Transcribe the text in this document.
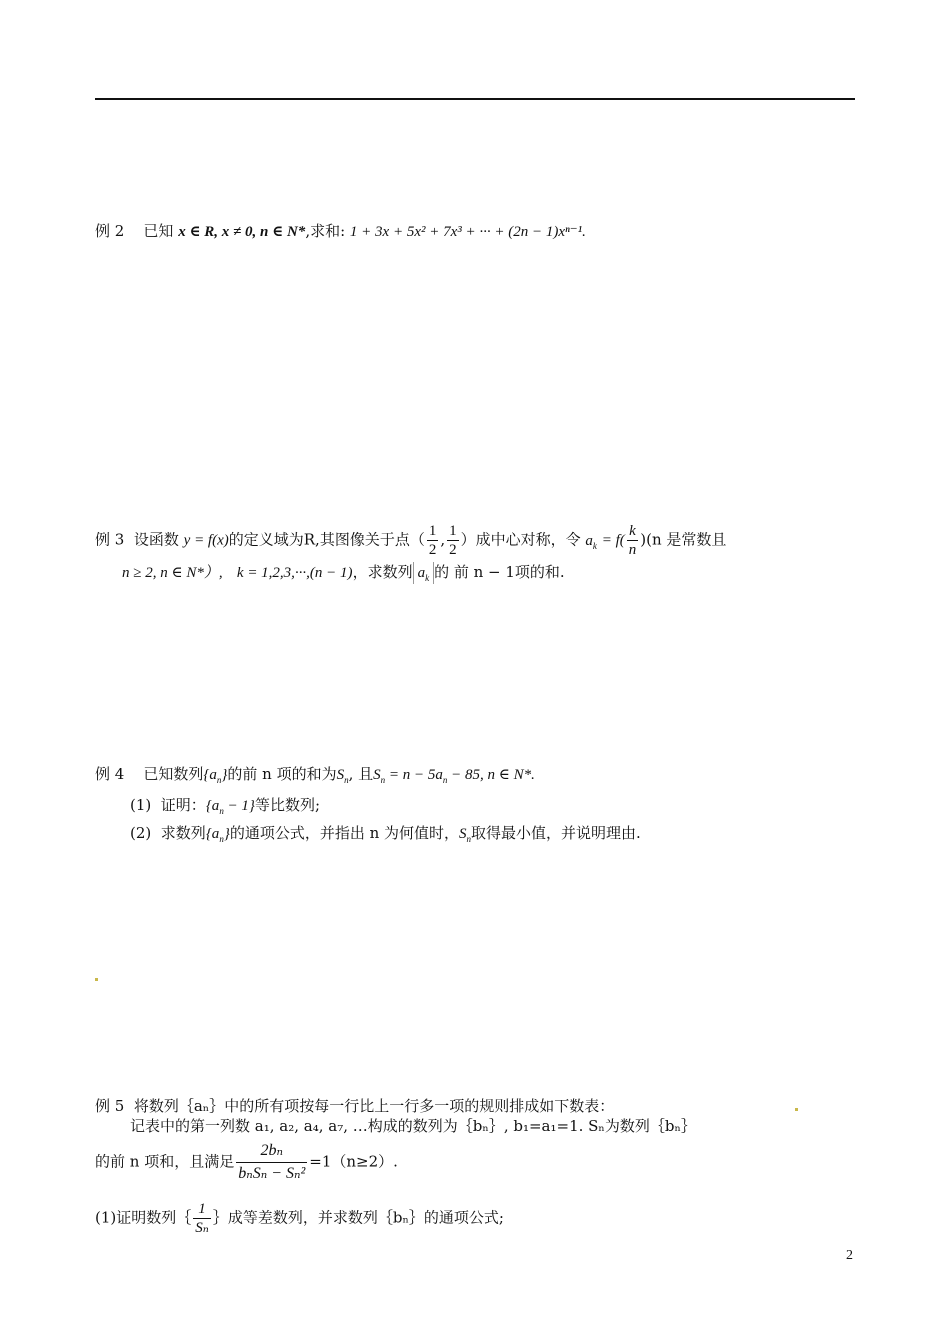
例 2 已知 x ∈ R, x ≠ 0, n ∈ N*,求和: 1 + 3x + 5x² + 7x³ + ··· + (2n − 1)xⁿ⁻¹.
例 3 设函数 y = f(x)的定义域为R,其图像关于点（ $\frac{1}{2}$ , $\frac{1}{2}$ ）成中心对称，令 $a_k = f( \frac{k}{n} )(n$ 是常数且
n ≥ 2, n ∈ N*）, k = 1,2,3,···,(n − 1)，求数列 $a_k$ 的 前 n − 1项的和.
例 4 已知数列$\{a_n\}$的前 n 项的和为$S_n$, 且$S_n = n - 5a_n - 85$, n ∈ N*.
(1) 证明：$\{a_n - 1\}$等比数列;
(2) 求数列$\{a_n\}$的通项公式，并指出 n 为何值时，$S_n$取得最小值，并说明理由.
例 5 将数列｛aₙ｝中的所有项按每一行比上一行多一项的规则排成如下数表：
记表中的第一列数 a₁, a₂, a₄, a₇, …构成的数列为｛bₙ｝, b₁=a₁=1. Sₙ为数列｛bₙ｝
的前 n 项和，且满足 $\frac{\text{2bₙ}}{\text{bₙSₙ − Sₙ²}} =1(n\ge 2)$.
(1)证明数列｛ $\frac{1}{\text{Sₙ}}$ ｝成等差数列，并求数列｛bₙ｝的通项公式;
2
